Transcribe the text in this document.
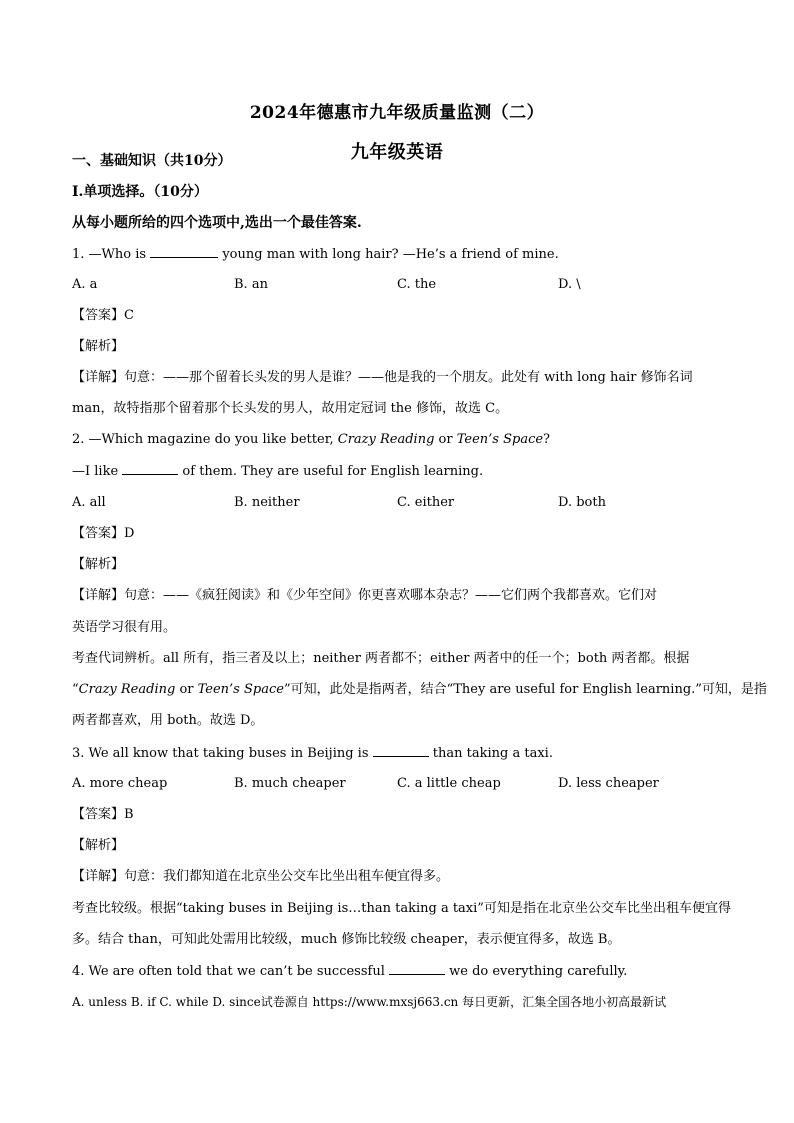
2024年德惠市九年级质量监测（二）
九年级英语
一、基础知识（共10分）
Ⅰ.单项选择。（10分）
从每小题所给的四个选项中,选出一个最佳答案.
1. —Who is	young man with long hair? —He’s a friend of mine.
A. a	B. an	C. the	D. \
【答案】C
【解析】
【详解】句意：——那个留着长头发的男人是谁？——他是我的一个朋友。此处有 with long hair 修饰名词
man，故特指那个留着那个长头发的男人，故用定冠词 the 修饰，故选 C。
2. —Which magazine do you like better, Crazy Reading or Teen’s Space?
—I like	of them. They are useful for English learning.
A. all	B. neither	C. either	D. both
【答案】D
【解析】
【详解】句意：——《疯狂阅读》和《少年空间》你更喜欢哪本杂志？——它们两个我都喜欢。它们对
英语学习很有用。
考查代词辨析。all 所有，指三者及以上；neither 两者都不；either 两者中的任一个；both 两者都。根据
“Crazy Reading or Teen’s Space”可知，此处是指两者，结合“They are useful for English learning.”可知，是指
两者都喜欢，用 both。故选 D。
3. We all know that taking buses in Beijing is	than taking a taxi.
A. more cheap	B. much cheaper	C. a little cheap	D. less cheaper
【答案】B
【解析】
【详解】句意：我们都知道在北京坐公交车比坐出租车便宜得多。
考查比较级。根据“taking buses in Beijing is…than taking a taxi”可知是指在北京坐公交车比坐出租车便宜得
多。结合 than，可知此处需用比较级，much 修饰比较级 cheaper，表示便宜得多，故选 B。
4. We are often told that we can’t be successful	we do everything carefully.
A. unless B. if C. while D. since试卷源自 https://www.mxsj663.cn 每日更新，汇集全国各地小初高最新试
